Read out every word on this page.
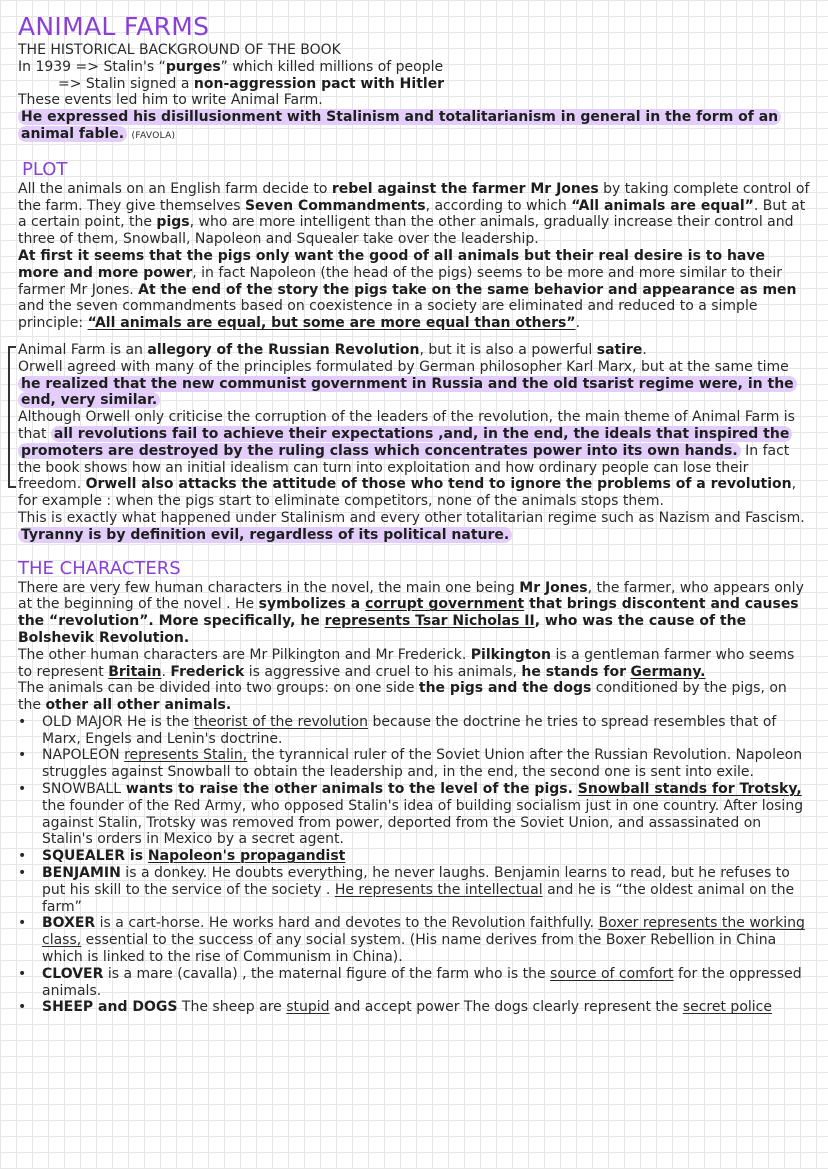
ANIMAL FARMS
THE HISTORICAL BACKGROUND OF THE BOOK
In 1939 => Stalin's “purges” which killed millions of people
=> Stalin signed a non-aggression pact with Hitler
These events led him to write Animal Farm.

He expressed his disillusionment with Stalinism and totalitarianism in general in the form of an animal fable. (FAVOLA)

PLOT

All the animals on an English farm decide to rebel against the farmer Mr Jones by taking complete control of the farm. They give themselves Seven Commandments, according to which “All animals are equal”. But at a certain point, the pigs, who are more intelligent than the other animals, gradually increase their control and three of them, Snowball, Napoleon and Squealer take over the leadership.

At first it seems that the pigs only want the good of all animals but their real desire is to have more and more power, in fact Napoleon (the head of the pigs) seems to be more and more similar to their farmer Mr Jones. At the end of the story the pigs take on the same behavior and appearance as men and the seven commandments based on coexistence in a society are eliminated and reduced to a simple principle: “All animals are equal, but some are more equal than others”.

Animal Farm is an allegory of the Russian Revolution, but it is also a powerful satire.
Orwell agreed with many of the principles formulated by German philosopher Karl Marx, but at the same time he realized that the new communist government in Russia and the old tsarist regime were, in the end, very similar.
Although Orwell only criticise the corruption of the leaders of the revolution, the main theme of Animal Farm is that all revolutions fail to achieve their expectations ,and, in the end, the ideals that inspired the promoters are destroyed by the ruling class which concentrates power into its own hands. In fact the book shows how an initial idealism can turn into exploitation and how ordinary people can lose their freedom. Orwell also attacks the attitude of those who tend to ignore the problems of a revolution, for example : when the pigs start to eliminate competitors, none of the animals stops them.

This is exactly what happened under Stalinism and every other totalitarian regime such as Nazism and Fascism.

Tyranny is by definition evil, regardless of its political nature.

THE CHARACTERS

There are very few human characters in the novel, the main one being Mr Jones, the farmer, who appears only at the beginning of the novel . He symbolizes a corrupt government that brings discontent and causes the “revolution”. More specifically, he represents Tsar Nicholas II, who was the cause of the Bolshevik Revolution.

The other human characters are Mr Pilkington and Mr Frederick. Pilkington is a gentleman farmer who seems to represent Britain. Frederick is aggressive and cruel to his animals, he stands for Germany.

The animals can be divided into two groups: on one side the pigs and the dogs conditioned by the pigs, on the other all other animals.

• OLD MAJOR He is the theorist of the revolution because the doctrine he tries to spread resembles that of Marx, Engels and Lenin's doctrine.
• NAPOLEON represents Stalin, the tyrannical ruler of the Soviet Union after the Russian Revolution. Napoleon struggles against Snowball to obtain the leadership and, in the end, the second one is sent into exile.
• SNOWBALL wants to raise the other animals to the level of the pigs. Snowball stands for Trotsky, the founder of the Red Army, who opposed Stalin's idea of building socialism just in one country. After losing against Stalin, Trotsky was removed from power, deported from the Soviet Union, and assassinated on Stalin's orders in Mexico by a secret agent.
• SQUEALER is Napoleon's propagandist
• BENJAMIN is a donkey. He doubts everything, he never laughs. Benjamin learns to read, but he refuses to put his skill to the service of the society . He represents the intellectual and he is “the oldest animal on the farm”
• BOXER is a cart-horse. He works hard and devotes to the Revolution faithfully. Boxer represents the working class, essential to the success of any social system. (His name derives from the Boxer Rebellion in China which is linked to the rise of Communism in China).
• CLOVER is a mare (cavalla) , the maternal figure of the farm who is the source of comfort for the oppressed animals.
• SHEEP and DOGS The sheep are stupid and accept power The dogs clearly represent the secret police
